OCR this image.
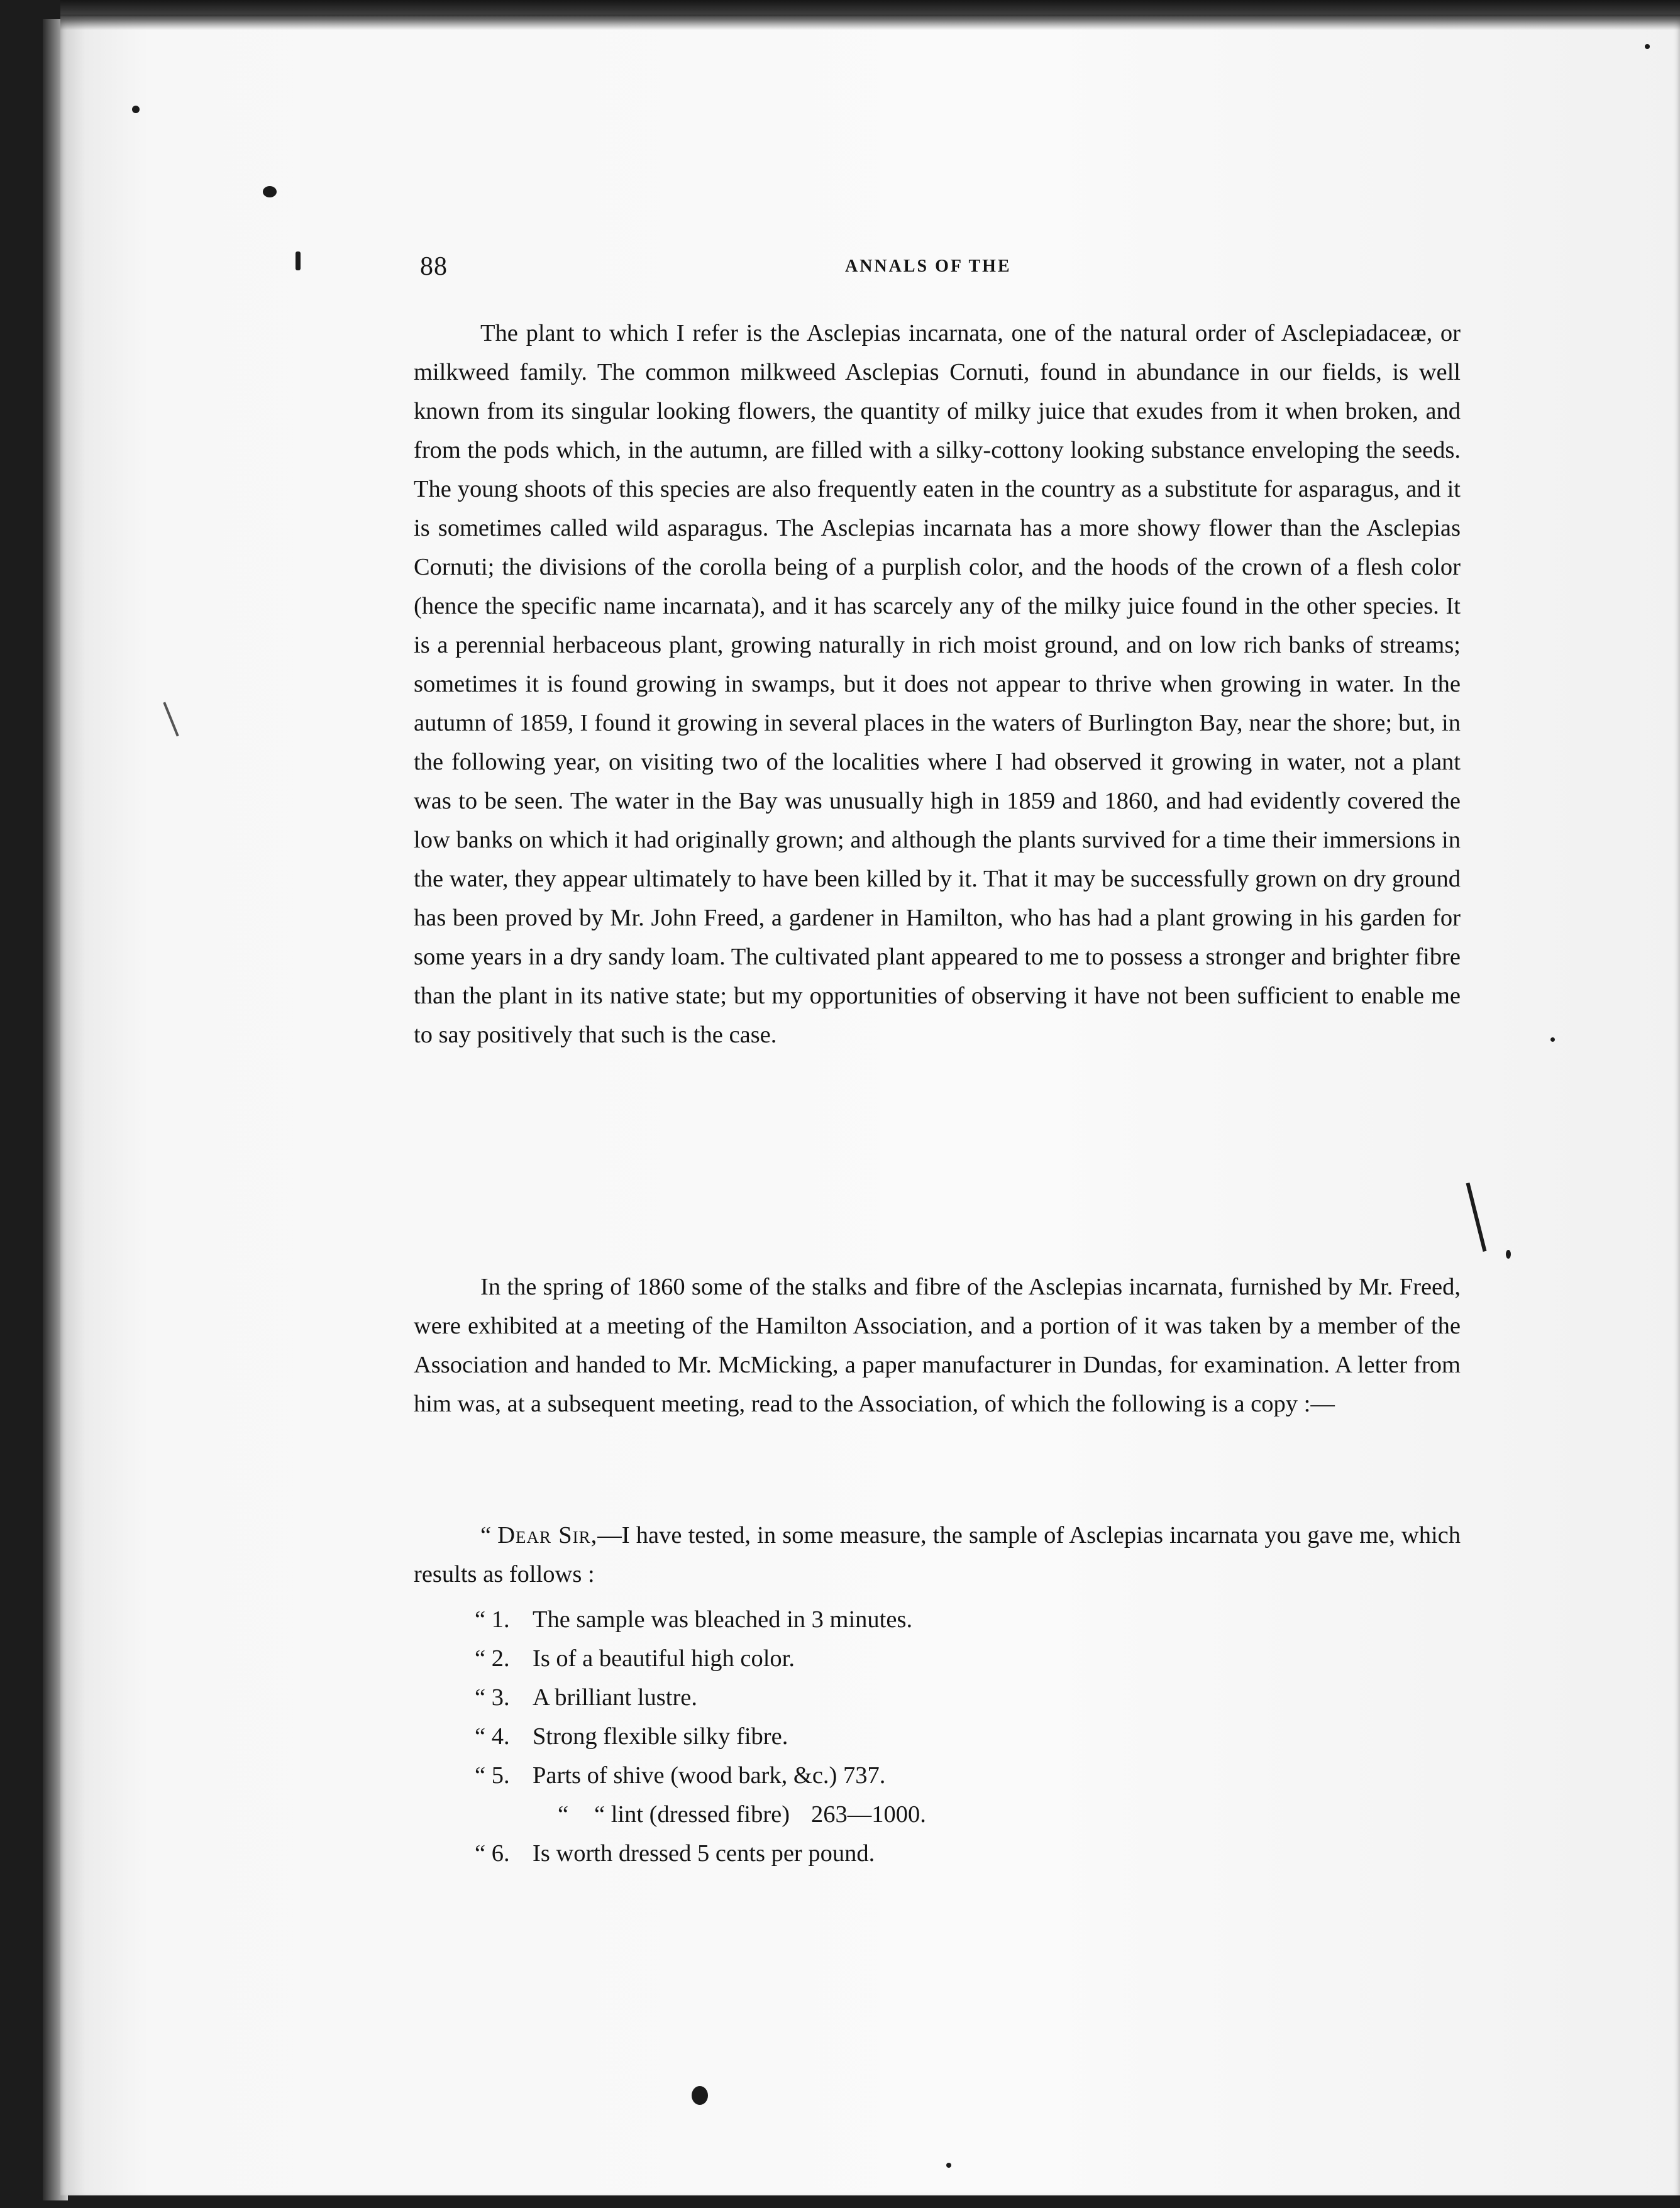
88	ANNALS OF THE

The plant to which I refer is the Asclepias incarnata, one of the natural order of Asclepiadaceæ, or milkweed family. The common milkweed Asclepias Cornuti, found in abundance in our fields, is well known from its singular looking flowers, the quantity of milky juice that exudes from it when broken, and from the pods which, in the autumn, are filled with a silky-cottony looking substance enveloping the seeds. The young shoots of this species are also frequently eaten in the country as a substitute for asparagus, and it is sometimes called wild asparagus. The Asclepias incarnata has a more showy flower than the Asclepias Cornuti; the divisions of the corolla being of a purplish color, and the hoods of the crown of a flesh color (hence the specific name incarnata), and it has scarcely any of the milky juice found in the other species. It is a perennial herbaceous plant, growing naturally in rich moist ground, and on low rich banks of streams; sometimes it is found growing in swamps, but it does not appear to thrive when growing in water. In the autumn of 1859, I found it growing in several places in the waters of Burlington Bay, near the shore; but, in the following year, on visiting two of the localities where I had observed it growing in water, not a plant was to be seen. The water in the Bay was unusually high in 1859 and 1860, and had evidently covered the low banks on which it had originally grown; and although the plants survived for a time their immersions in the water, they appear ultimately to have been killed by it. That it may be successfully grown on dry ground has been proved by Mr. John Freed, a gardener in Hamilton, who has had a plant growing in his garden for some years in a dry sandy loam. The cultivated plant appeared to me to possess a stronger and brighter fibre than the plant in its native state; but my opportunities of observing it have not been sufficient to enable me to say positively that such is the case.

In the spring of 1860 some of the stalks and fibre of the Asclepias incarnata, furnished by Mr. Freed, were exhibited at a meeting of the Hamilton Association, and a portion of it was taken by a member of the Association and handed to Mr. McMicking, a paper manufacturer in Dundas, for examination. A letter from him was, at a subsequent meeting, read to the Association, of which the following is a copy :—

“ Dear Sir,—I have tested, in some measure, the sample of Asclepias incarnata you gave me, which results as follows :

“ 1. The sample was bleached in 3 minutes.
“ 2. Is of a beautiful high color.
“ 3. A brilliant lustre.
“ 4. Strong flexible silky fibre.
“ 5. Parts of shive (wood bark, &c.) 737.
“	“ lint (dressed fibre) 263—1000.
“ 6. Is worth dressed 5 cents per pound.
